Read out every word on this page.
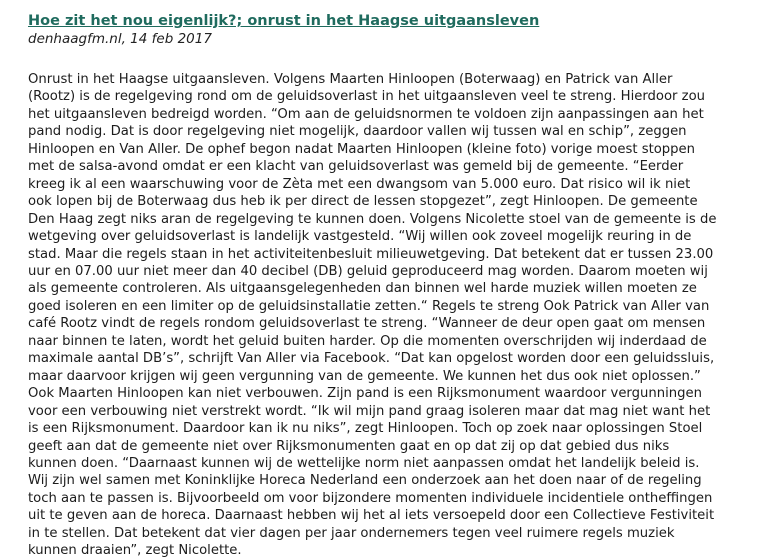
Hoe zit het nou eigenlijk?; onrust in het Haagse uitgaansleven
denhaagfm.nl, 14 feb 2017
Onrust in het Haagse uitgaansleven. Volgens Maarten Hinloopen (Boterwaag) en Patrick van Aller
(Rootz) is de regelgeving rond om de geluidsoverlast in het uitgaansleven veel te streng. Hierdoor zou
het uitgaansleven bedreigd worden. “Om aan de geluidsnormen te voldoen zijn aanpassingen aan het
pand nodig. Dat is door regelgeving niet mogelijk, daardoor vallen wij tussen wal en schip”, zeggen
Hinloopen en Van Aller. De ophef begon nadat Maarten Hinloopen (kleine foto) vorige moest stoppen
met de salsa-avond omdat er een klacht van geluidsoverlast was gemeld bij de gemeente. “Eerder
kreeg ik al een waarschuwing voor de Zèta met een dwangsom van 5.000 euro. Dat risico wil ik niet
ook lopen bij de Boterwaag dus heb ik per direct de lessen stopgezet”, zegt Hinloopen. De gemeente
Den Haag zegt niks aran de regelgeving te kunnen doen. Volgens Nicolette stoel van de gemeente is de
wetgeving over geluidsoverlast is landelijk vastgesteld. “Wij willen ook zoveel mogelijk reuring in de
stad. Maar die regels staan in het activiteitenbesluit milieuwetgeving. Dat betekent dat er tussen 23.00
uur en 07.00 uur niet meer dan 40 decibel (DB) geluid geproduceerd mag worden. Daarom moeten wij
als gemeente controleren. Als uitgaansgelegenheden dan binnen wel harde muziek willen moeten ze
goed isoleren en een limiter op de geluidsinstallatie zetten.“ Regels te streng Ook Patrick van Aller van
café Rootz vindt de regels rondom geluidsoverlast te streng. “Wanneer de deur open gaat om mensen
naar binnen te laten, wordt het geluid buiten harder. Op die momenten overschrijden wij inderdaad de
maximale aantal DB’s”, schrijft Van Aller via Facebook. “Dat kan opgelost worden door een geluidssluis,
maar daarvoor krijgen wij geen vergunning van de gemeente. We kunnen het dus ook niet oplossen.”
Ook Maarten Hinloopen kan niet verbouwen. Zijn pand is een Rijksmonument waardoor vergunningen
voor een verbouwing niet verstrekt wordt. “Ik wil mijn pand graag isoleren maar dat mag niet want het
is een Rijksmonument. Daardoor kan ik nu niks”, zegt Hinloopen. Toch op zoek naar oplossingen Stoel
geeft aan dat de gemeente niet over Rijksmonumenten gaat en op dat zij op dat gebied dus niks
kunnen doen. “Daarnaast kunnen wij de wettelijke norm niet aanpassen omdat het landelijk beleid is.
Wij zijn wel samen met Koninklijke Horeca Nederland een onderzoek aan het doen naar of de regeling
toch aan te passen is. Bijvoorbeeld om voor bijzondere momenten individuele incidentiele ontheffingen
uit te geven aan de horeca. Daarnaast hebben wij het al iets versoepeld door een Collectieve Festiviteit
in te stellen. Dat betekent dat vier dagen per jaar ondernemers tegen veel ruimere regels muziek
kunnen draaien”, zegt Nicolette.
